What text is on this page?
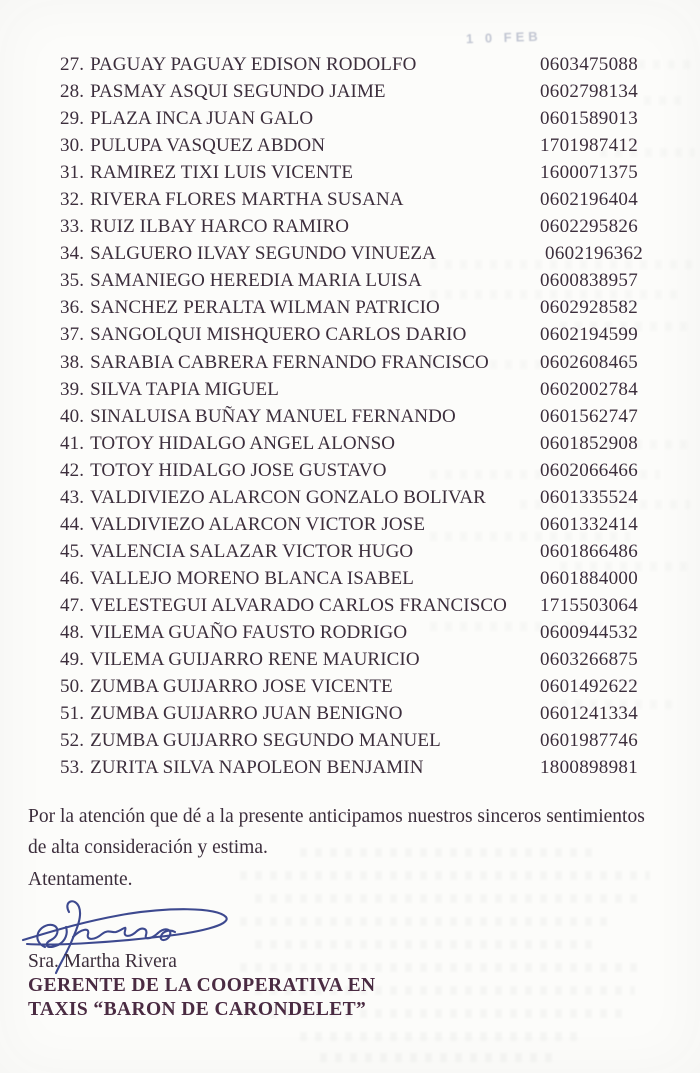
1 0 FEB
27. PAGUAY PAGUAY EDISON RODOLFO	0603475088
28. PASMAY ASQUI SEGUNDO JAIME	0602798134
29. PLAZA INCA JUAN GALO	0601589013
30. PULUPA VASQUEZ ABDON	1701987412
31. RAMIREZ TIXI LUIS VICENTE	1600071375
32. RIVERA FLORES MARTHA SUSANA	0602196404
33. RUIZ ILBAY HARCO RAMIRO	0602295826
34. SALGUERO ILVAY SEGUNDO VINUEZA	0602196362
35. SAMANIEGO HEREDIA MARIA LUISA	0600838957
36. SANCHEZ PERALTA WILMAN PATRICIO	0602928582
37. SANGOLQUI MISHQUERO CARLOS DARIO	0602194599
38. SARABIA CABRERA FERNANDO FRANCISCO	0602608465
39. SILVA TAPIA MIGUEL	0602002784
40. SINALUISA BUÑAY MANUEL FERNANDO	0601562747
41. TOTOY HIDALGO ANGEL ALONSO	0601852908
42. TOTOY HIDALGO JOSE GUSTAVO	0602066466
43. VALDIVIEZO ALARCON GONZALO BOLIVAR	0601335524
44. VALDIVIEZO ALARCON VICTOR JOSE	0601332414
45. VALENCIA SALAZAR VICTOR HUGO	0601866486
46. VALLEJO MORENO BLANCA ISABEL	0601884000
47. VELESTEGUI ALVARADO CARLOS FRANCISCO 1715503064
48. VILEMA GUAÑO FAUSTO RODRIGO	0600944532
49. VILEMA GUIJARRO RENE MAURICIO	0603266875
50. ZUMBA GUIJARRO JOSE VICENTE	0601492622
51. ZUMBA GUIJARRO JUAN BENIGNO	0601241334
52. ZUMBA GUIJARRO SEGUNDO MANUEL	0601987746
53. ZURITA SILVA NAPOLEON BENJAMIN	1800898981
Por la atención que dé a la presente anticipamos nuestros sinceros sentimientos
de alta consideración y estima.
Atentamente.
Sra. Martha Rivera
GERENTE DE LA COOPERATIVA EN
TAXIS “BARON DE CARONDELET”
